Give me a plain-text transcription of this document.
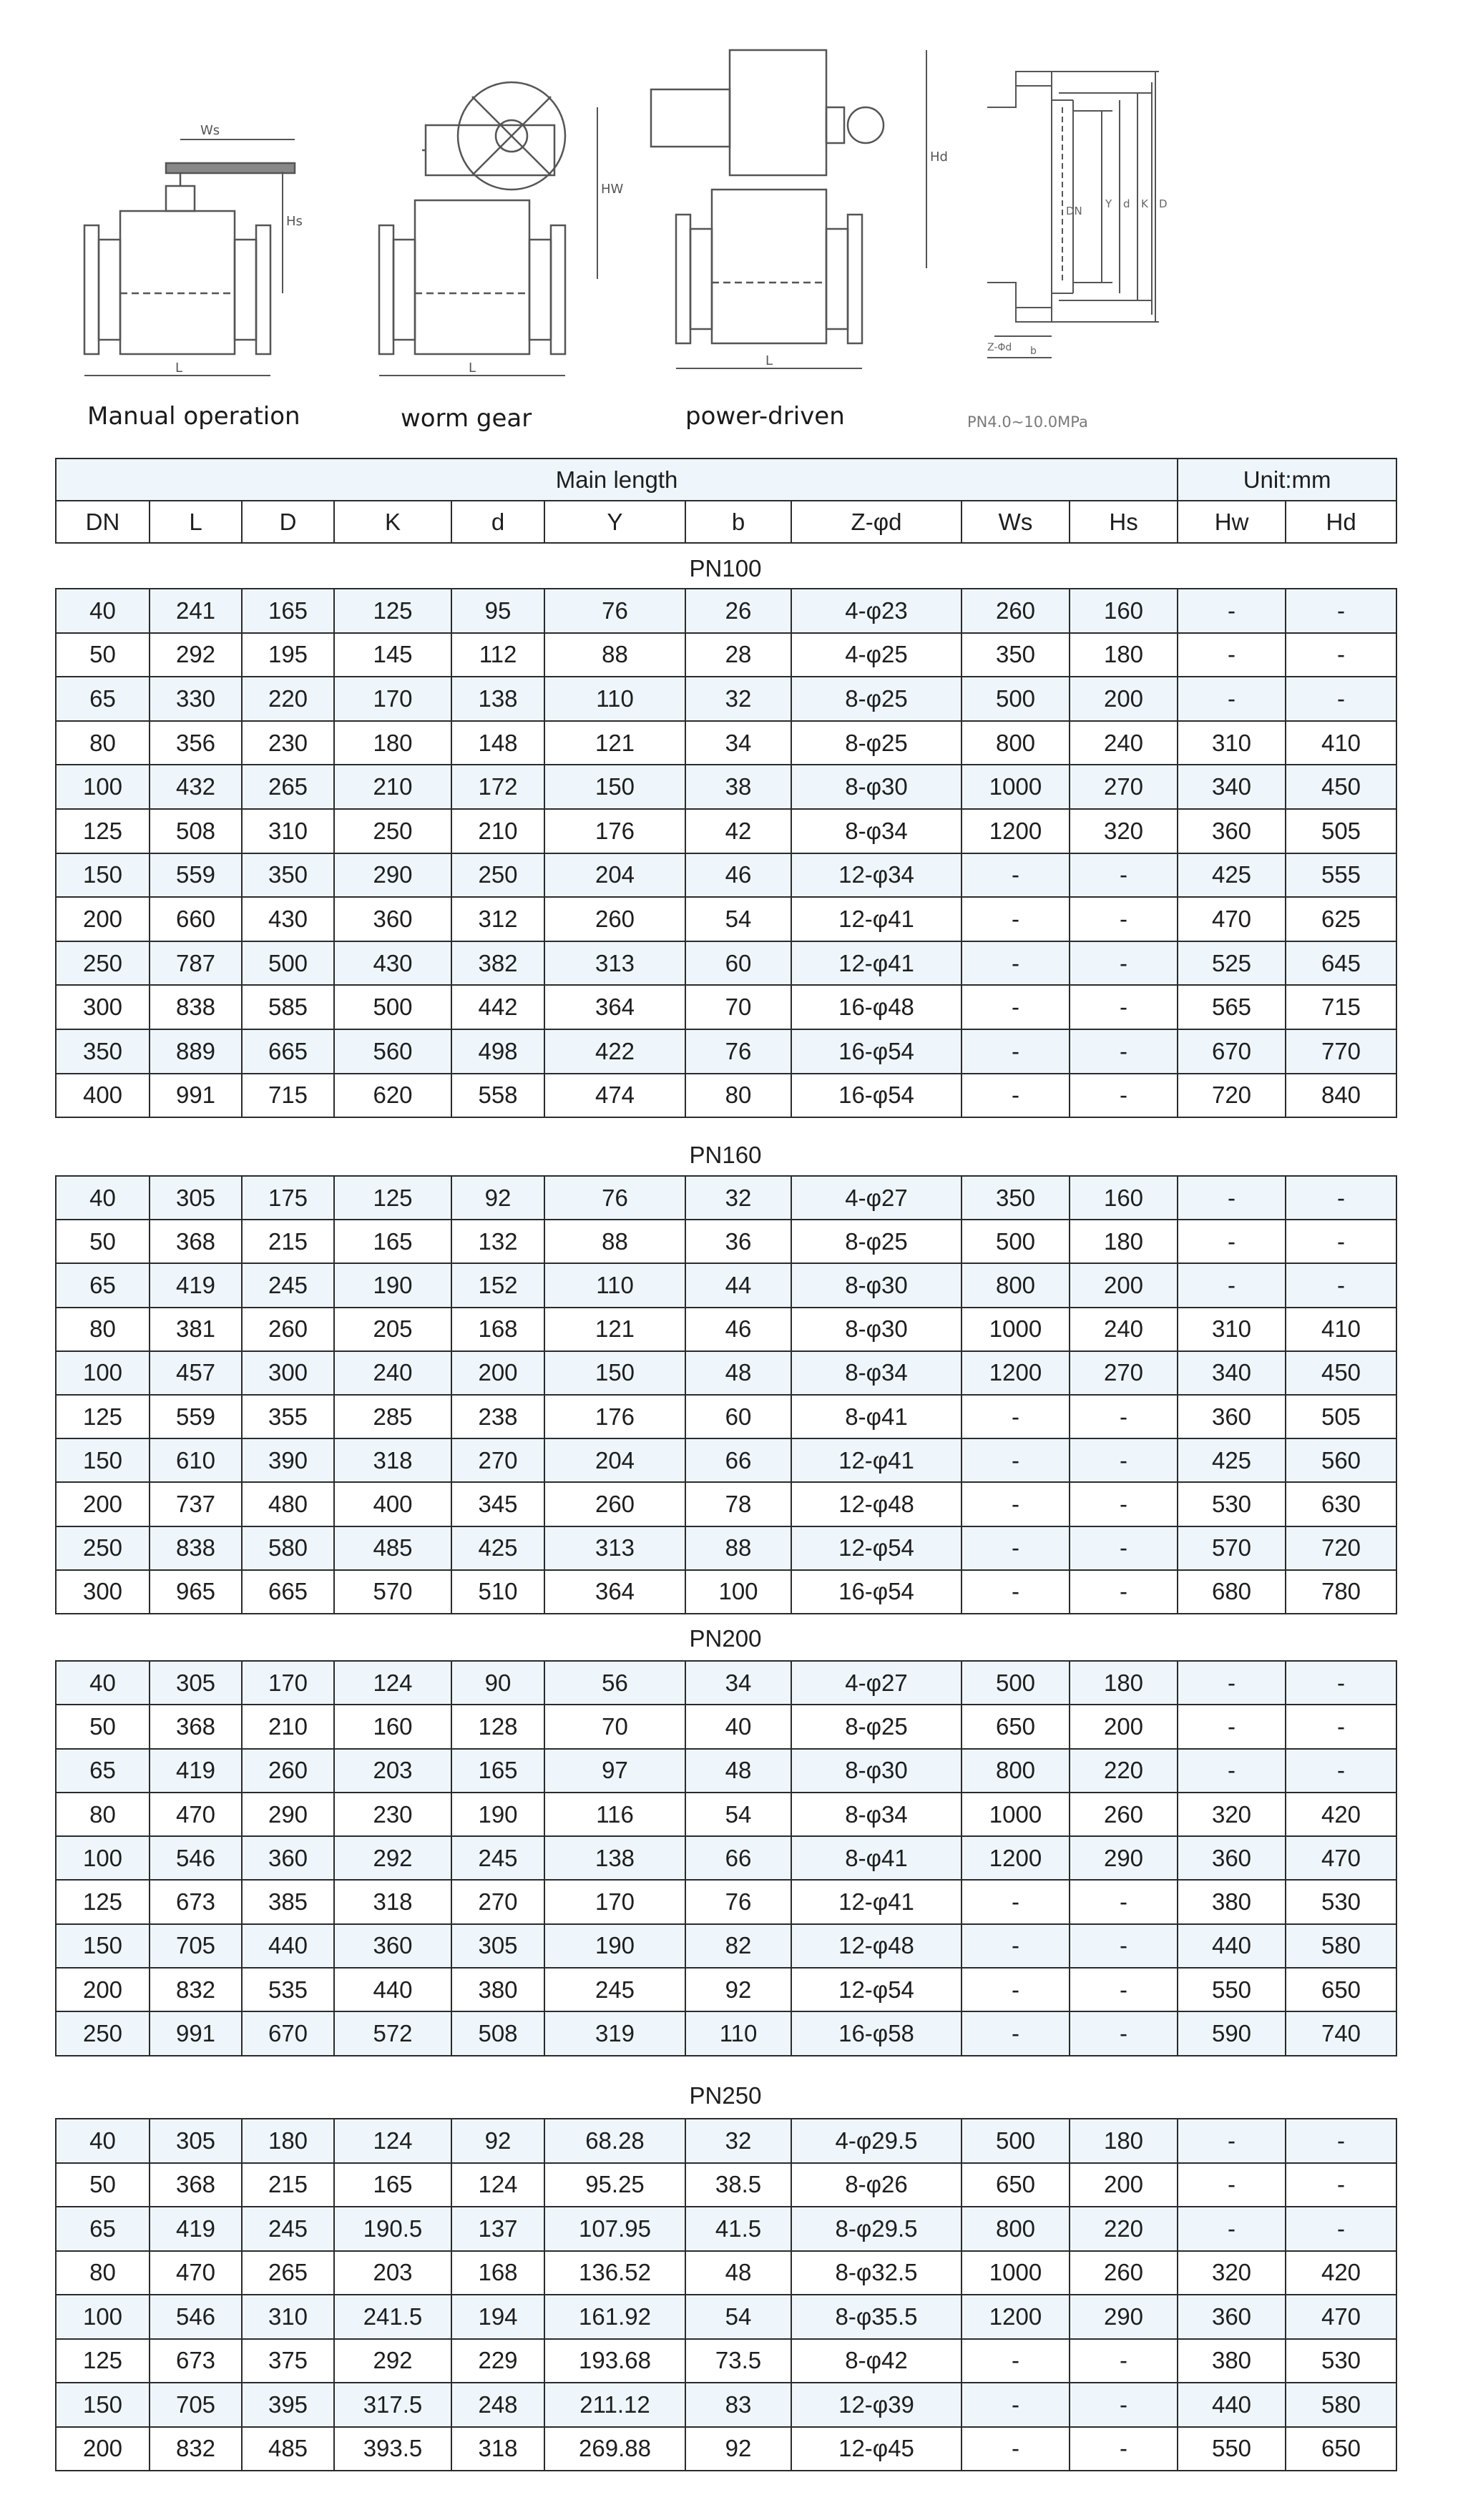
Ws
Hs
L
HW
L
Hd
L
DN
Y d K D
Z-Φd b
Manual operation	worm gear	power-driven	PN4.0~10.0MPa
Main length										Unit:mm	
DN	L	D	K	d	Y	b	Z-φd	Ws	Hs	Hw	Hd
PN100
40	241	165	125	95	76	26	4-φ23	260	160	-	-
50	292	195	145	112	88	28	4-φ25	350	180	-	-
65	330	220	170	138	110	32	8-φ25	500	200	-	-
80	356	230	180	148	121	34	8-φ25	800	240	310	410
100	432	265	210	172	150	38	8-φ30	1000	270	340	450
125	508	310	250	210	176	42	8-φ34	1200	320	360	505
150	559	350	290	250	204	46	12-φ34	-	-	425	555
200	660	430	360	312	260	54	12-φ41	-	-	470	625
250	787	500	430	382	313	60	12-φ41	-	-	525	645
300	838	585	500	442	364	70	16-φ48	-	-	565	715
350	889	665	560	498	422	76	16-φ54	-	-	670	770
400	991	715	620	558	474	80	16-φ54	-	-	720	840
PN160
40	305	175	125	92	76	32	4-φ27	350	160	-	-
50	368	215	165	132	88	36	8-φ25	500	180	-	-
65	419	245	190	152	110	44	8-φ30	800	200	-	-
80	381	260	205	168	121	46	8-φ30	1000	240	310	410
100	457	300	240	200	150	48	8-φ34	1200	270	340	450
125	559	355	285	238	176	60	8-φ41	-	-	360	505
150	610	390	318	270	204	66	12-φ41	-	-	425	560
200	737	480	400	345	260	78	12-φ48	-	-	530	630
250	838	580	485	425	313	88	12-φ54	-	-	570	720
300	965	665	570	510	364	100	16-φ54	-	-	680	780
PN200
40	305	170	124	90	56	34	4-φ27	500	180	-	-
50	368	210	160	128	70	40	8-φ25	650	200	-	-
65	419	260	203	165	97	48	8-φ30	800	220	-	-
80	470	290	230	190	116	54	8-φ34	1000	260	320	420
100	546	360	292	245	138	66	8-φ41	1200	290	360	470
125	673	385	318	270	170	76	12-φ41	-	-	380	530
150	705	440	360	305	190	82	12-φ48	-	-	440	580
200	832	535	440	380	245	92	12-φ54	-	-	550	650
250	991	670	572	508	319	110	16-φ58	-	-	590	740
PN250
40	305	180	124	92	68.28	32	4-φ29.5	500	180	-	-
50	368	215	165	124	95.25	38.5	8-φ26	650	200	-	-
65	419	245	190.5	137	107.95	41.5	8-φ29.5	800	220	-	-
80	470	265	203	168	136.52	48	8-φ32.5	1000	260	320	420
100	546	310	241.5	194	161.92	54	8-φ35.5	1200	290	360	470
125	673	375	292	229	193.68	73.5	8-φ42	-	-	380	530
150	705	395	317.5	248	211.12	83	12-φ39	-	-	440	580
200	832	485	393.5	318	269.88	92	12-φ45	-	-	550	650
